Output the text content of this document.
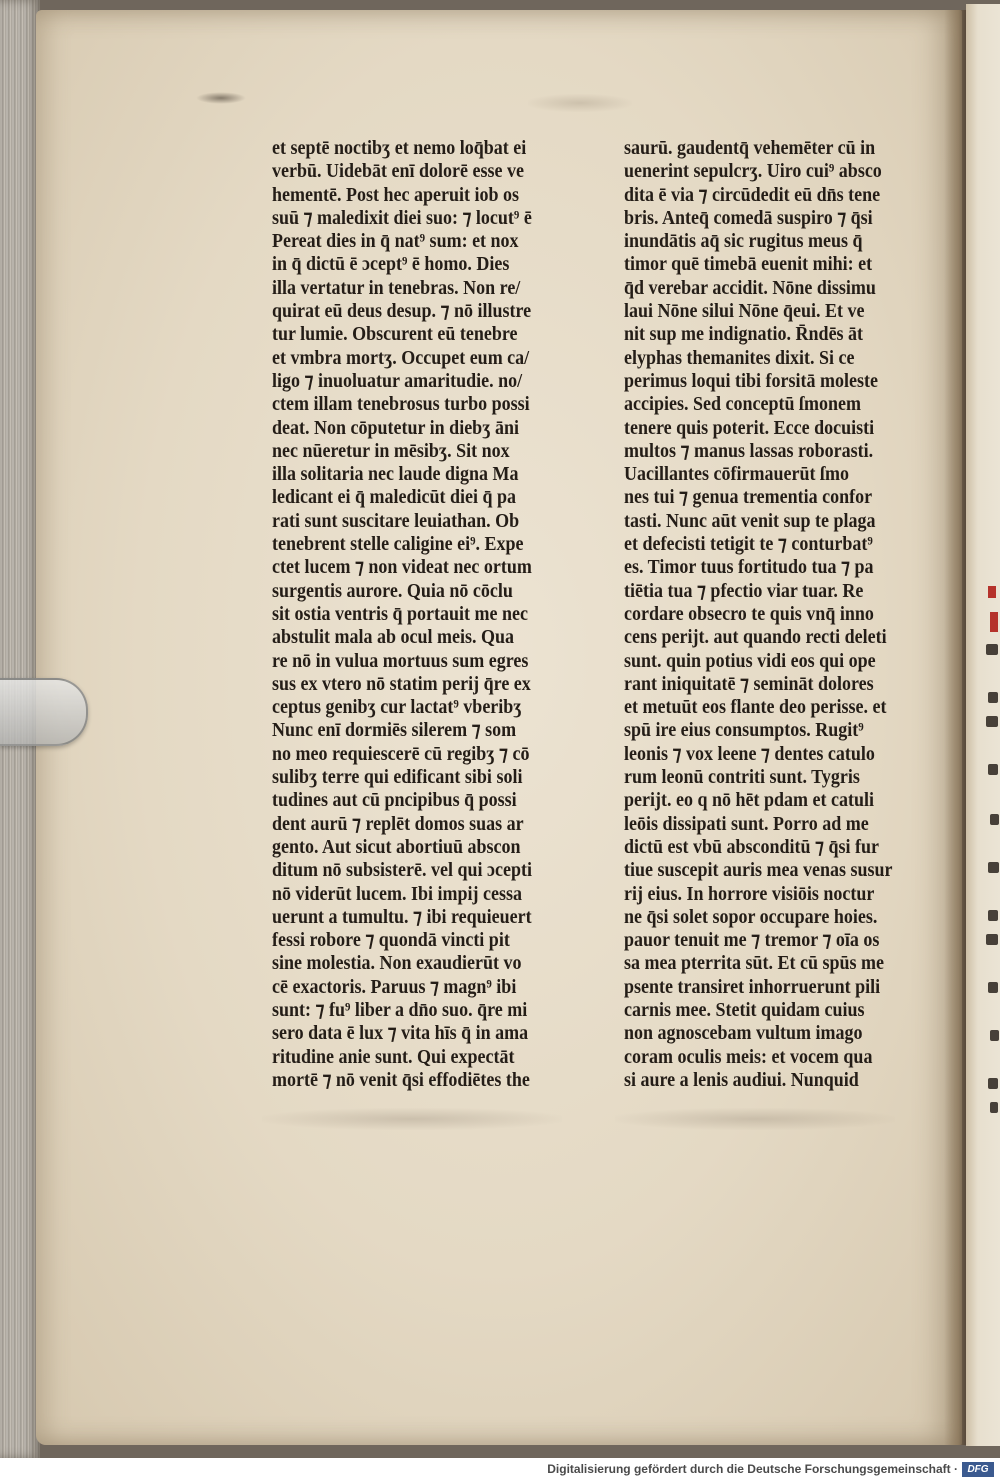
et septē noctibʒ et nemo loq̄bat ei
verbū. Uidebāt enī dolorē esse ve
hementē. Post hec aperuit iob os
suū ⁊ maledixit diei suo: ⁊ locut⁹ ē
Pereat dies in q̄ nat⁹ sum: et nox
in q̄ dictū ē ɔcept⁹ ē homo. Dies
illa vertatur in tenebras. Non re/
quirat eū deus desup. ⁊ nō illustre
tur lumie. Obscurent eū tenebre
et vmbra mortʒ. Occupet eum ca/
ligo ⁊ inuoluatur amaritudie. no/
ctem illam tenebrosus turbo possi
deat. Non cōputetur in diebʒ āni
nec nūeretur in mēsibʒ. Sit nox
illa solitaria nec laude digna Ma
ledicant ei q̄ maledicūt diei q̄ pa
rati sunt suscitare leuiathan. Ob
tenebrent stelle caligine ei⁹. Expe
ctet lucem ⁊ non videat nec ortum
surgentis aurore. Quia nō cōclu
sit ostia ventris q̄ portauit me nec
abstulit mala ab ocul meis. Qua
re nō in vulua mortuus sum egres
sus ex vtero nō statim perij q̄re ex
ceptus genibʒ cur lactat⁹ vberibʒ
Nunc enī dormiēs silerem ⁊ som
no meo requiescerē cū regibʒ ⁊ cō
sulibʒ terre qui edificant sibi soli
tudines aut cū pncipibus q̄ possi
dent aurū ⁊ replēt domos suas ar
gento. Aut sicut abortiuū abscon
ditum nō subsisterē. vel qui ɔcepti
nō viderūt lucem. Ibi impij cessa
uerunt a tumultu. ⁊ ibi requieuert
fessi robore ⁊ quondā vincti pit
sine molestia. Non exaudierūt vo
cē exactoris. Paruus ⁊ magn⁹ ibi
sunt: ⁊ fu⁹ liber a dn̄o suo. q̄re mi
sero data ē lux ⁊ vita hīs q̄ in ama
ritudine anie sunt. Qui expectāt
mortē ⁊ nō venit q̄si effodiētes the
saurū. gaudentq̄ vehemēter cū in
uenerint sepulcrʒ. Uiro cui⁹ absco
dita ē via ⁊ circūdedit eū dn̄s tene
bris. Anteq̄ comedā suspiro ⁊ q̄si
inundātis aq̄ sic rugitus meus q̄
timor quē timebā euenit mihi: et
q̄d verebar accidit. Nōne dissimu
laui Nōne silui Nōne q̄eui. Et ve
nit sup me indignatio. R̄ndēs āt
elyphas themanites dixit. Si ce
perimus loqui tibi forsitā moleste
accipies. Sed conceptū ſmonem
tenere quis poterit. Ecce docuisti
multos ⁊ manus lassas roborasti.
Uacillantes cōfirmauerūt ſmo
nes tui ⁊ genua trementia confor
tasti. Nunc aūt venit sup te plaga
et defecisti tetigit te ⁊ conturbat⁹
es. Timor tuus fortitudo tua ⁊ pa
tiētia tua ⁊ pfectio viar tuar. Re
cordare obsecro te quis vnq̄ inno
cens perijt. aut quando recti deleti
sunt. quin potius vidi eos qui ope
rant iniquitatē ⁊ semināt dolores
et metuūt eos flante deo perisse. et
spū ire eius consumptos. Rugit⁹
leonis ⁊ vox leene ⁊ dentes catulo
rum leonū contriti sunt. Tygris
perijt. eo q nō hēt pdam et catuli
leōis dissipati sunt. Porro ad me
dictū est vbū absconditū ⁊ q̄si fur
tiue suscepit auris mea venas susur
rij eius. In horrore visiōis noctur
ne q̄si solet sopor occupare hoies.
pauor tenuit me ⁊ tremor ⁊ oīa os
sa mea pterrita sūt. Et cū spūs me
psente transiret inhorruerunt pili
carnis mee. Stetit quidam cuius
non agnoscebam vultum imago
coram oculis meis: et vocem qua
si aure a lenis audiui. Nunquid
Digitalisierung gefördert durch die Deutsche Forschungsgemeinschaft · DFG
